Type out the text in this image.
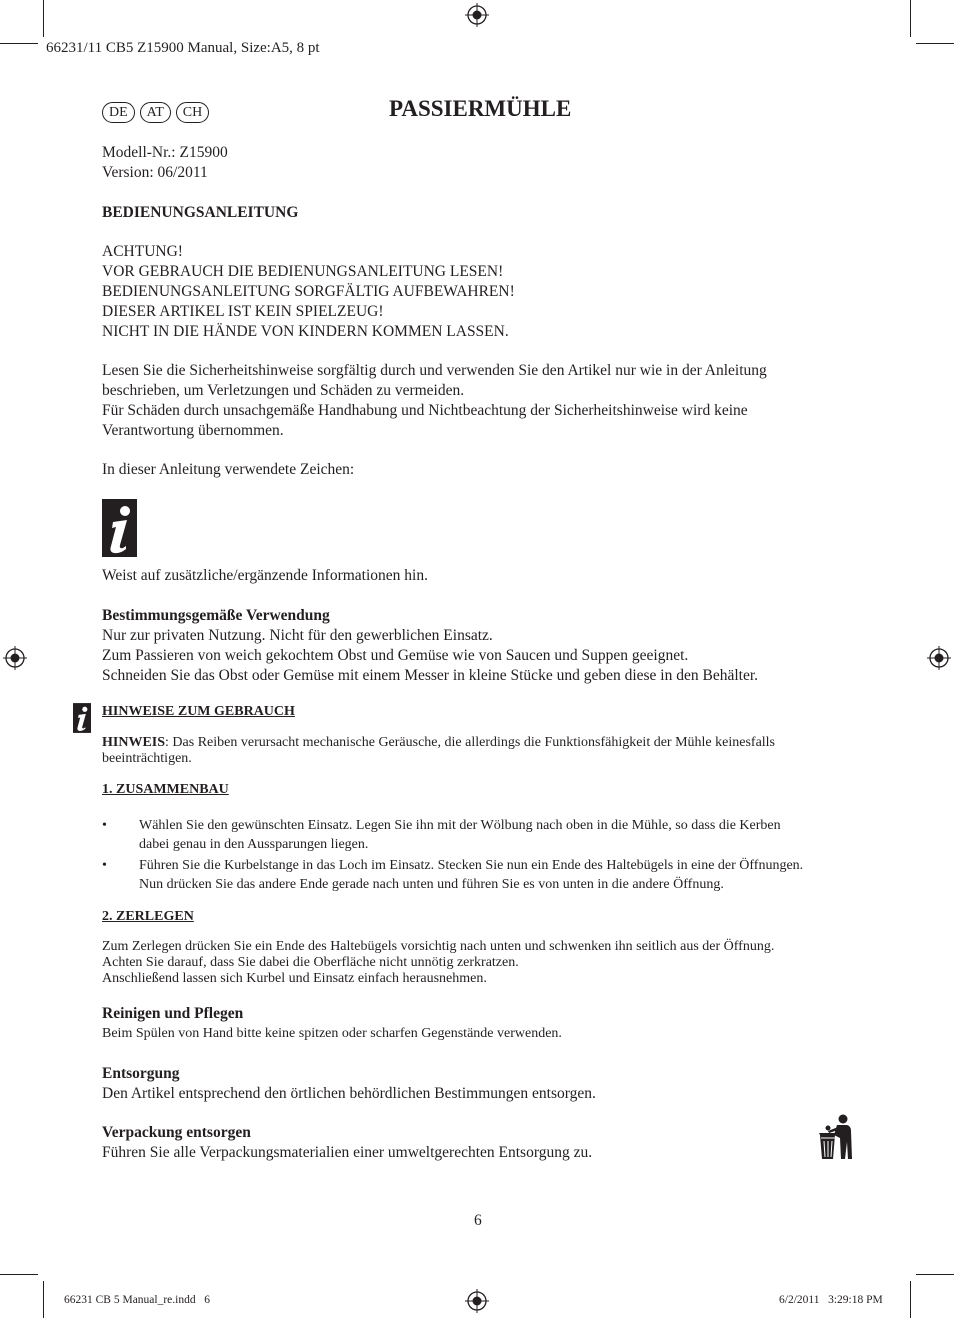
66231/11 CB5 Z15900 Manual, Size:A5, 8 pt
DE AT CH	PASSIERMÜHLE
Modell-Nr.: Z15900
Version: 06/2011
BEDIENUNGSANLEITUNG
ACHTUNG!
VOR GEBRAUCH DIE BEDIENUNGSANLEITUNG LESEN!
BEDIENUNGSANLEITUNG SORGFÄLTIG AUFBEWAHREN!
DIESER ARTIKEL IST KEIN SPIELZEUG!
NICHT IN DIE HÄNDE VON KINDERN KOMMEN LASSEN.
Lesen Sie die Sicherheitshinweise sorgfältig durch und verwenden Sie den Artikel nur wie in der Anleitung
beschrieben, um Verletzungen und Schäden zu vermeiden.
Für Schäden durch unsachgemäße Handhabung und Nichtbeachtung der Sicherheitshinweise wird keine
Verantwortung übernommen.
In dieser Anleitung verwendete Zeichen:
Weist auf zusätzliche/ergänzende Informationen hin.
Bestimmungsgemäße Verwendung
Nur zur privaten Nutzung. Nicht für den gewerblichen Einsatz.
Zum Passieren von weich gekochtem Obst und Gemüse wie von Saucen und Suppen geeignet.
Schneiden Sie das Obst oder Gemüse mit einem Messer in kleine Stücke und geben diese in den Behälter.
HINWEISE ZUM GEBRAUCH
HINWEIS: Das Reiben verursacht mechanische Geräusche, die allerdings die Funktionsfähigkeit der Mühle keinesfalls
beeinträchtigen.
1. ZUSAMMENBAU
• Wählen Sie den gewünschten Einsatz. Legen Sie ihn mit der Wölbung nach oben in die Mühle, so dass die Kerben
dabei genau in den Aussparungen liegen.
• Führen Sie die Kurbelstange in das Loch im Einsatz. Stecken Sie nun ein Ende des Haltebügels in eine der Öffnungen.
Nun drücken Sie das andere Ende gerade nach unten und führen Sie es von unten in die andere Öffnung.
2. ZERLEGEN
Zum Zerlegen drücken Sie ein Ende des Haltebügels vorsichtig nach unten und schwenken ihn seitlich aus der Öffnung.
Achten Sie darauf, dass Sie dabei die Oberfläche nicht unnötig zerkratzen.
Anschließend lassen sich Kurbel und Einsatz einfach herausnehmen.
Reinigen und Pflegen
Beim Spülen von Hand bitte keine spitzen oder scharfen Gegenstände verwenden.
Entsorgung
Den Artikel entsprechend den örtlichen behördlichen Bestimmungen entsorgen.
Verpackung entsorgen
Führen Sie alle Verpackungsmaterialien einer umweltgerechten Entsorgung zu.
6
66231 CB 5 Manual_re.indd   6	6/2/2011   3:29:18 PM
